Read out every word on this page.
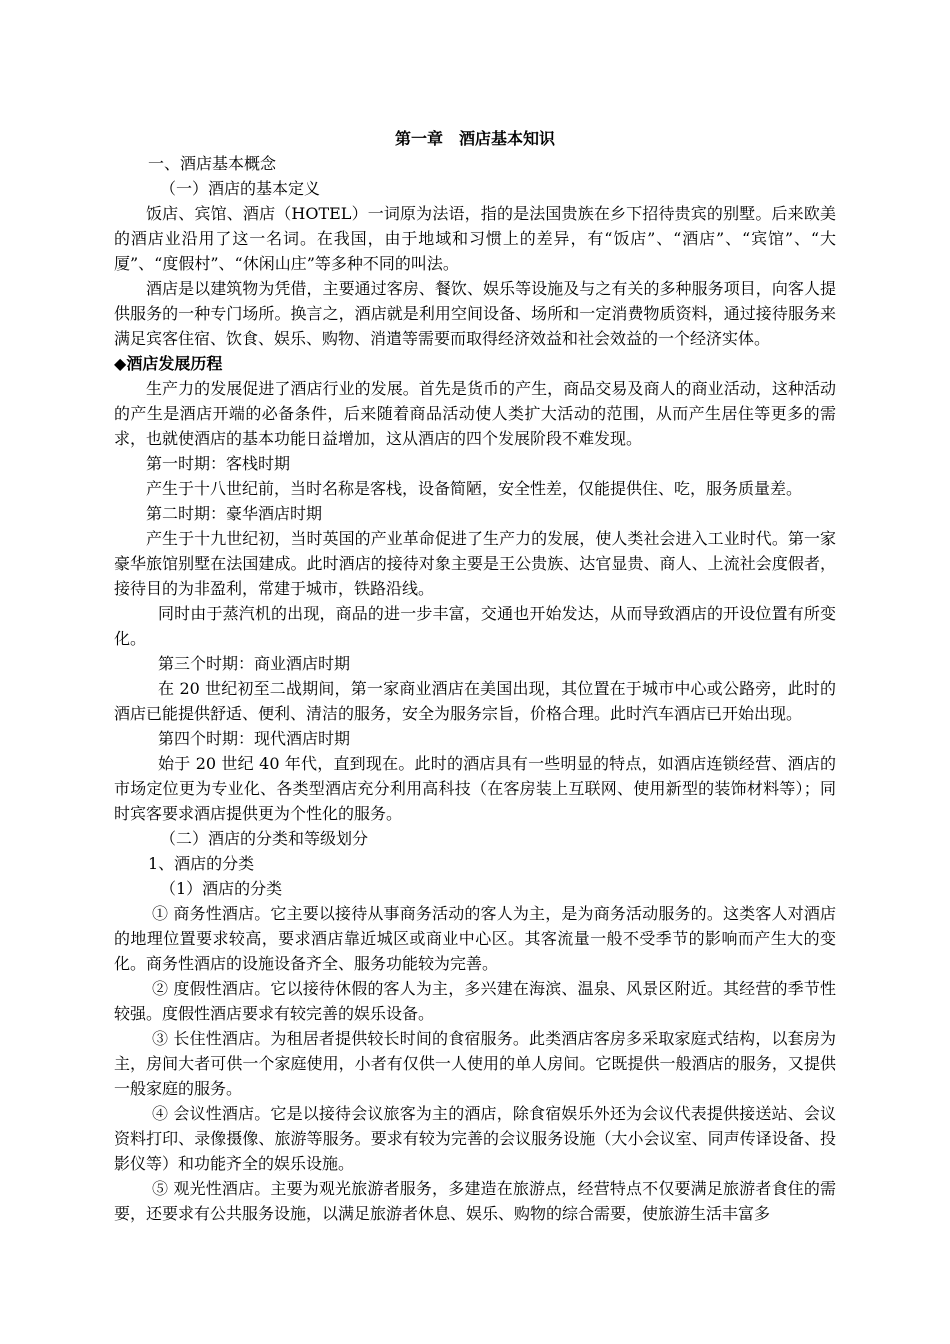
第一章　酒店基本知识

一、酒店基本概念

（一）酒店的基本定义

饭店、宾馆、酒店（HOTEL）一词原为法语，指的是法国贵族在乡下招待贵宾的别墅。后来欧美的酒店业沿用了这一名词。在我国，由于地域和习惯上的差异，有“饭店”、“酒店”、“宾馆”、“大厦”、“度假村”、“休闲山庄”等多种不同的叫法。

酒店是以建筑物为凭借，主要通过客房、餐饮、娱乐等设施及与之有关的多种服务项目，向客人提供服务的一种专门场所。换言之，酒店就是利用空间设备、场所和一定消费物质资料，通过接待服务来满足宾客住宿、饮食、娱乐、购物、消遣等需要而取得经济效益和社会效益的一个经济实体。

◆酒店发展历程

生产力的发展促进了酒店行业的发展。首先是货币的产生，商品交易及商人的商业活动，这种活动的产生是酒店开端的必备条件，后来随着商品活动使人类扩大活动的范围，从而产生居住等更多的需求，也就使酒店的基本功能日益增加，这从酒店的四个发展阶段不难发现。

第一时期：客栈时期

产生于十八世纪前，当时名称是客栈，设备简陋，安全性差，仅能提供住、吃，服务质量差。

第二时期：豪华酒店时期

产生于十九世纪初，当时英国的产业革命促进了生产力的发展，使人类社会进入工业时代。第一家豪华旅馆别墅在法国建成。此时酒店的接待对象主要是王公贵族、达官显贵、商人、上流社会度假者，接待目的为非盈利，常建于城市，铁路沿线。

同时由于蒸汽机的出现，商品的进一步丰富，交通也开始发达，从而导致酒店的开设位置有所变化。

第三个时期：商业酒店时期

在 20 世纪初至二战期间，第一家商业酒店在美国出现，其位置在于城市中心或公路旁，此时的酒店已能提供舒适、便利、清洁的服务，安全为服务宗旨，价格合理。此时汽车酒店已开始出现。

第四个时期：现代酒店时期

始于 20 世纪 40 年代，直到现在。此时的酒店具有一些明显的特点，如酒店连锁经营、酒店的市场定位更为专业化、各类型酒店充分利用高科技（在客房装上互联网、使用新型的装饰材料等）；同时宾客要求酒店提供更为个性化的服务。

（二）酒店的分类和等级划分

1、酒店的分类

（1）酒店的分类

① 商务性酒店。它主要以接待从事商务活动的客人为主，是为商务活动服务的。这类客人对酒店的地理位置要求较高，要求酒店靠近城区或商业中心区。其客流量一般不受季节的影响而产生大的变化。商务性酒店的设施设备齐全、服务功能较为完善。

② 度假性酒店。它以接待休假的客人为主，多兴建在海滨、温泉、风景区附近。其经营的季节性较强。度假性酒店要求有较完善的娱乐设备。

③ 长住性酒店。为租居者提供较长时间的食宿服务。此类酒店客房多采取家庭式结构，以套房为主，房间大者可供一个家庭使用，小者有仅供一人使用的单人房间。它既提供一般酒店的服务，又提供一般家庭的服务。

④ 会议性酒店。它是以接待会议旅客为主的酒店，除食宿娱乐外还为会议代表提供接送站、会议资料打印、录像摄像、旅游等服务。要求有较为完善的会议服务设施（大小会议室、同声传译设备、投影仪等）和功能齐全的娱乐设施。

⑤ 观光性酒店。主要为观光旅游者服务，多建造在旅游点，经营特点不仅要满足旅游者食住的需要，还要求有公共服务设施，以满足旅游者休息、娱乐、购物的综合需要，使旅游生活丰富多
